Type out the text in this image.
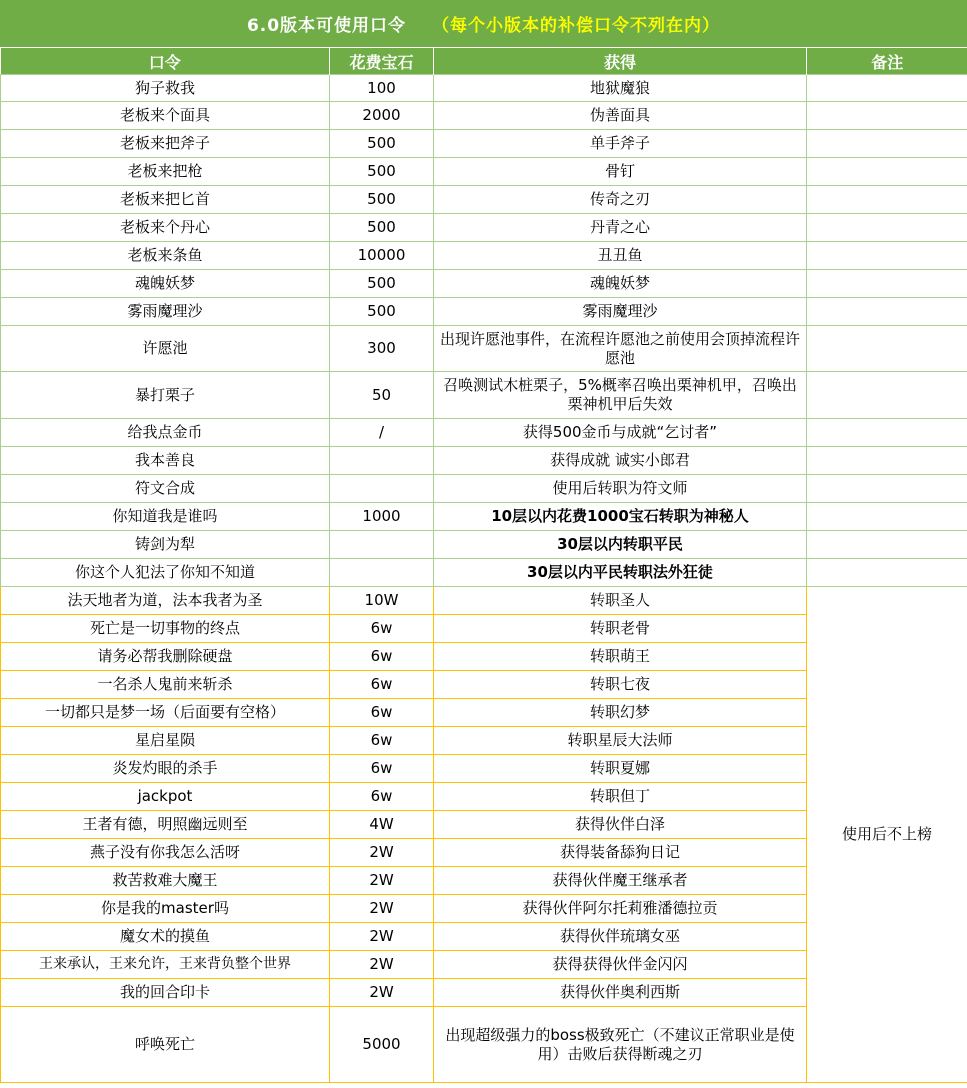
6.0版本可使用口令 （每个小版本的补偿口令不列在内）
口令	花费宝石	获得	备注
狗子救我	100	地狱魔狼	
老板来个面具	2000	伪善面具	
老板来把斧子	500	单手斧子	
老板来把枪	500	骨钉	
老板来把匕首	500	传奇之刃	
老板来个丹心	500	丹青之心	
老板来条鱼	10000	丑丑鱼	
魂魄妖梦	500	魂魄妖梦	
雾雨魔理沙	500	雾雨魔理沙	
许愿池	300	出现许愿池事件，在流程许愿池之前使用会顶掉流程许愿池	
暴打栗子	50	召唤测试木桩栗子，5%概率召唤出栗神机甲，召唤出栗神机甲后失效	
给我点金币	/	获得500金币与成就“乞讨者”	
我本善良		获得成就 诚实小郎君	
符文合成		使用后转职为符文师	
你知道我是谁吗	1000	10层以内花费1000宝石转职为神秘人	
铸剑为犁		30层以内转职平民	
你这个人犯法了你知不知道		30层以内平民转职法外狂徒	
法天地者为道，法本我者为圣	10W	转职圣人	使用后不上榜
死亡是一切事物的终点	6w	转职老骨	
请务必帮我删除硬盘	6w	转职萌王	
一名杀人鬼前来斩杀	6w	转职七夜	
一切都只是梦一场（后面要有空格）	6w	转职幻梦	
星启星陨	6w	转职星辰大法师	
炎发灼眼的杀手	6w	转职夏娜	
jackpot	6w	转职但丁	
王者有德，明照幽远则至	4W	获得伙伴白泽	
燕子没有你我怎么活呀	2W	获得装备舔狗日记	
救苦救难大魔王	2W	获得伙伴魔王继承者	
你是我的master吗	2W	获得伙伴阿尔托莉雅潘德拉贡	
魔女术的摸鱼	2W	获得伙伴琉璃女巫	
王来承认，王来允许，王来背负整个世界	2W	获得获得伙伴金闪闪	
我的回合印卡	2W	获得伙伴奥利西斯	
呼唤死亡	5000	出现超级强力的boss极致死亡（不建议正常职业是使用）击败后获得断魂之刃	
